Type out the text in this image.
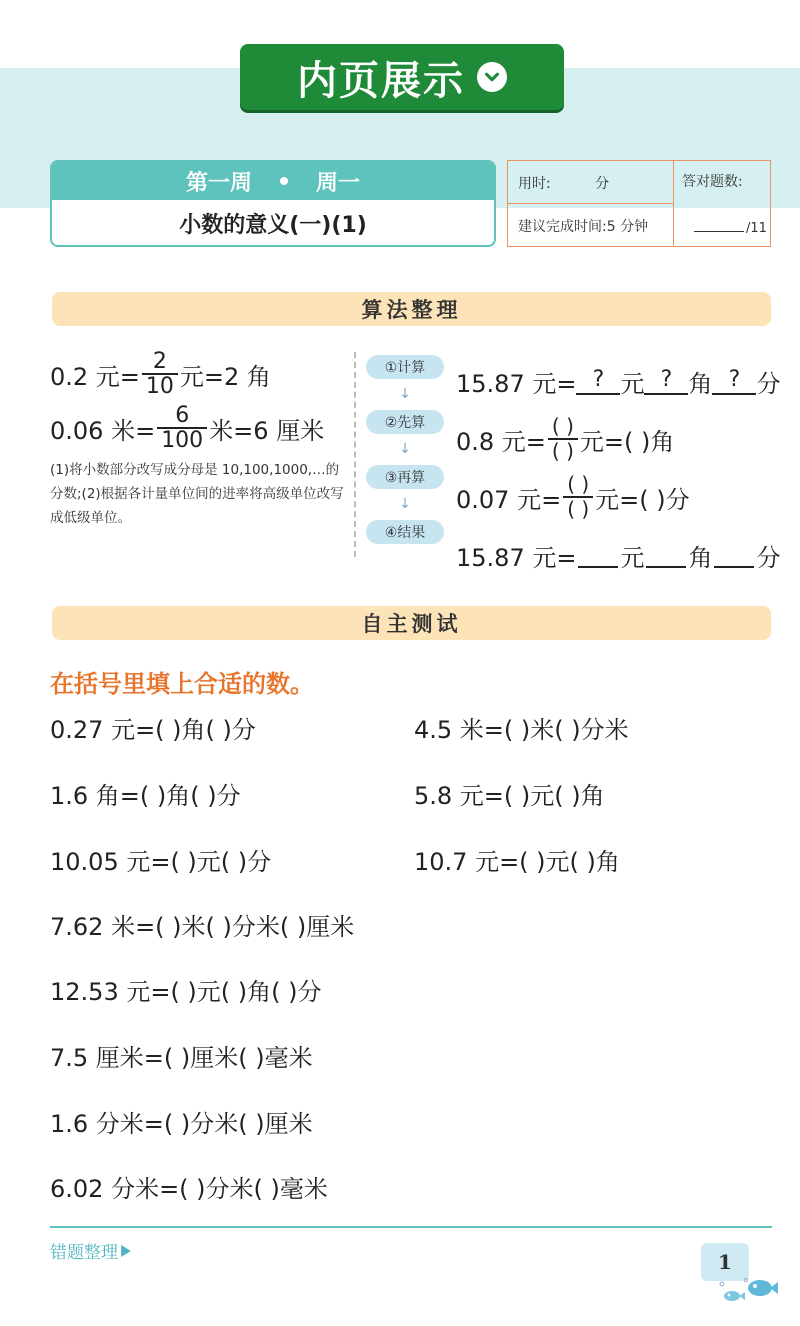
内页展示
第一周	周一
小数的意义(一)(1)
用时:	分
建议完成时间:5 分钟
答对题数:
/11
算法整理
0.2 元= $\frac{2}{10}$ 元=2 角
0.06 米= $\frac{6}{100}$ 米=6 厘米
(1)将小数部分改写成分母是 10,100,1000,…的分数;(2)根据各计量单位间的进率将高级单位改写成低级单位。
①计算
↓
②先算
↓
③再算
↓
④结果
15.87 元= ? 元 ? 角 ? 分
0.8 元= $\frac{( )}{( )}$ 元=( )角
0.07 元= $\frac{( )}{( )}$ 元=( )分
15.87 元= 元 角 分
自主测试
在括号里填上合适的数。
0.27 元=( )角( )分	4.5 米=( )米( )分米
1.6 角=( )角( )分	5.8 元=( )元( )角
10.05 元=( )元( )分	10.7 元=( )元( )角
7.62 米=( )米( )分米( )厘米
12.53 元=( )元( )角( )分
7.5 厘米=( )厘米( )毫米
1.6 分米=( )分米( )厘米
6.02 分米=( )分米( )毫米
错题整理	1
